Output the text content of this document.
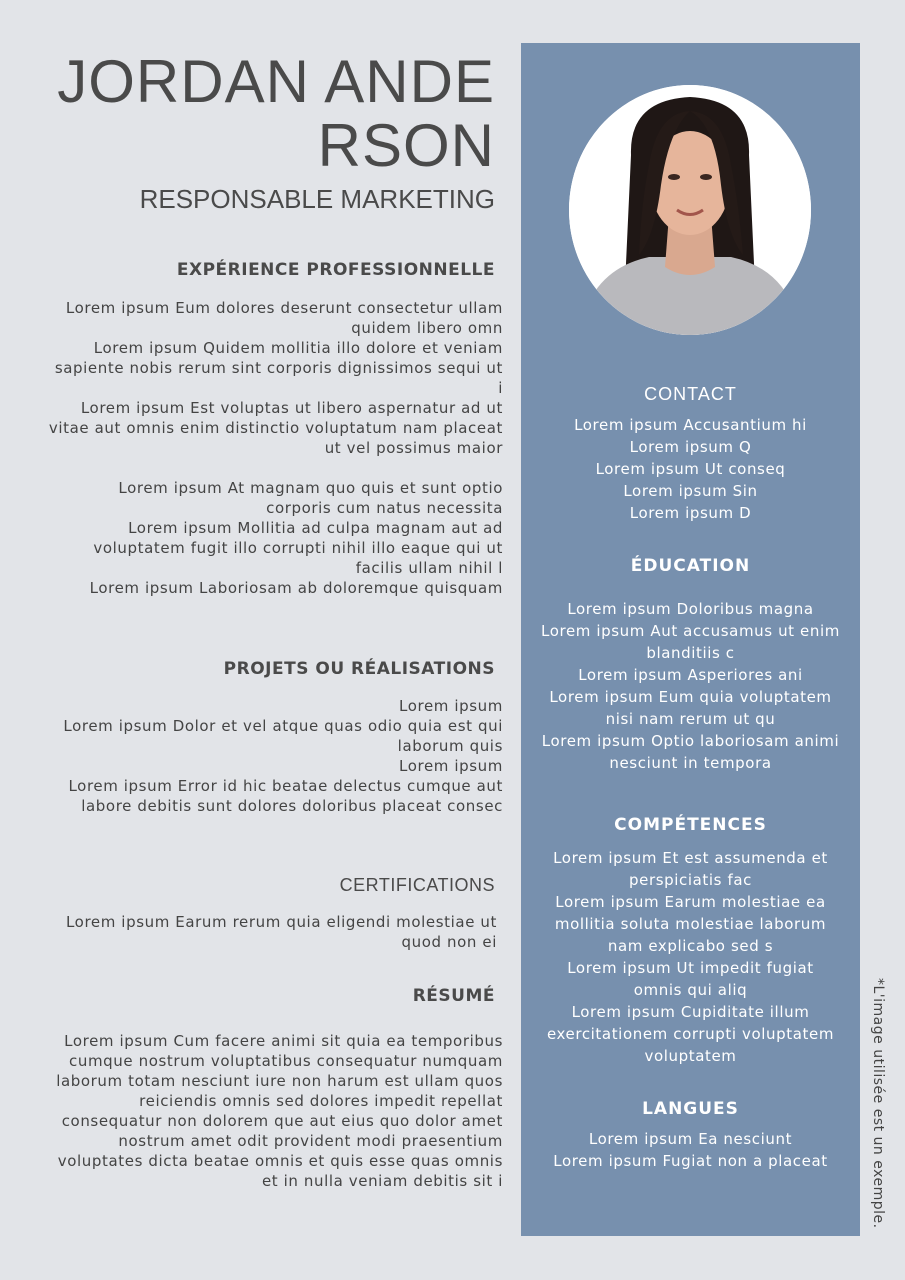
JORDAN ANDERSON
RESPONSABLE MARKETING
EXPÉRIENCE PROFESSIONNELLE

Lorem ipsum Eum dolores deserunt consectetur ullam quidem libero omn

Lorem ipsum Quidem mollitia illo dolore et veniam sapiente nobis rerum sint corporis dignissimos sequi ut i

Lorem ipsum Est voluptas ut libero aspernatur ad ut vitae aut omnis enim distinctio voluptatum nam placeat ut vel possimus maior

Lorem ipsum At magnam quo quis et sunt optio corporis cum natus necessita

Lorem ipsum Mollitia ad culpa magnam aut ad voluptatem fugit illo corrupti nihil illo eaque qui ut facilis ullam nihil l

Lorem ipsum Laboriosam ab doloremque quisquam

PROJETS OU RÉALISATIONS

Lorem ipsum

Lorem ipsum Dolor et vel atque quas odio quia est qui laborum quis

Lorem ipsum

Lorem ipsum Error id hic beatae delectus cumque aut labore debitis sunt dolores doloribus placeat consec

CERTIFICATIONS

Lorem ipsum Earum rerum quia eligendi molestiae ut quod non ei

RÉSUMÉ

Lorem ipsum Cum facere animi sit quia ea temporibus cumque nostrum voluptatibus consequatur numquam laborum totam nesciunt iure non harum est ullam quos reiciendis omnis sed dolores impedit repellat consequatur non dolorem que aut eius quo dolor amet nostrum amet odit provident modi praesentium voluptates dicta beatae omnis et quis esse quas omnis et in nulla veniam debitis sit i

CONTACT

Lorem ipsum Accusantium hi

Lorem ipsum Q

Lorem ipsum Ut conseq

Lorem ipsum Sin

Lorem ipsum D

ÉDUCATION

Lorem ipsum Doloribus magna

Lorem ipsum Aut accusamus ut enim blanditiis c

Lorem ipsum Asperiores ani

Lorem ipsum Eum quia voluptatem nisi nam rerum ut qu

Lorem ipsum Optio laboriosam animi nesciunt in tempora

COMPÉTENCES

Lorem ipsum Et est assumenda et perspiciatis fac

Lorem ipsum Earum molestiae ea mollitia soluta molestiae laborum nam explicabo sed s

Lorem ipsum Ut impedit fugiat omnis qui aliq

Lorem ipsum Cupiditate illum exercitationem corrupti voluptatem voluptatem

LANGUES

Lorem ipsum Ea nesciunt

Lorem ipsum Fugiat non a placeat	*L'image utilisée est un exemple.
